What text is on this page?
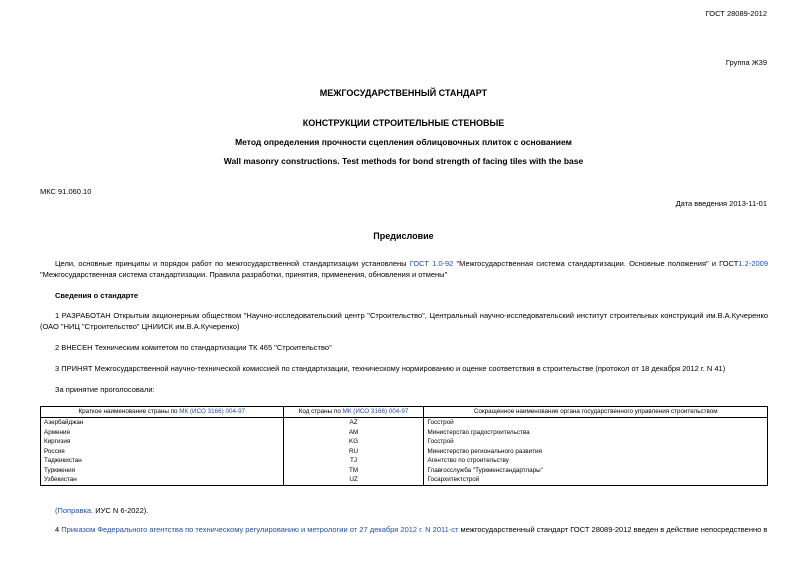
ГОСТ 28089-2012
Группа Ж39
МЕЖГОСУДАРСТВЕННЫЙ СТАНДАРТ
КОНСТРУКЦИИ СТРОИТЕЛЬНЫЕ СТЕНОВЫЕ
Метод определения прочности сцепления облицовочных плиток с основанием
Wall masonry constructions. Test methods for bond strength of facing tiles with the base
МКС 91.060.10
Дата введения 2013-11-01
Предисловие
Цели, основные принципы и порядок работ по межгосударственной стандартизации установлены ГОСТ 1.0-92 "Межгосударственная система стандартизации. Основные положения" и ГОСТ1.2-2009 "Межгосударственная система стандартизации. Правила разработки, принятия, применения, обновления и отмены"
Сведения о стандарте
1 РАЗРАБОТАН Открытым акционерным обществом "Научно-исследовательский центр "Строительство", Центральный научно-исследовательский институт строительных конструкций им.В.А.Кучеренко (ОАО "НИЦ "Строительство" ЦНИИСК им.В.А.Кучеренко)
2 ВНЕСЕН Техническим комитетом по стандартизации ТК 465 "Строительство"
3 ПРИНЯТ Межгосударственной научно-технической комиссией по стандартизации, техническому нормированию и оценке соответствия в строительстве (протокол от 18 декабря 2012 г. N 41)
За принятие проголосовали:
Краткое наименование страны по МК (ИСО 3166) 004-97	Код страны по МК (ИСО 3166) 004-97	Сокращенное наименование органа государственного управления строительством
Азербайджан	AZ	Госстрой
Армения	AM	Министерство градостроительства
Киргизия	KG	Госстрой
Россия	RU	Министерство регионального развития
Таджикистан	TJ	Агентство по строительству
Туркмения	TM	Главгосслужба "Туркменстандартлары"
Узбекистан	UZ	Госархитектстрой
(Поправка. ИУС N 6-2022).
4 Приказом Федерального агентства по техническому регулированию и метрологии от 27 декабря 2012 г. N 2011-ст межгосударственный стандарт ГОСТ 28089-2012 введен в действие непосредственно в
